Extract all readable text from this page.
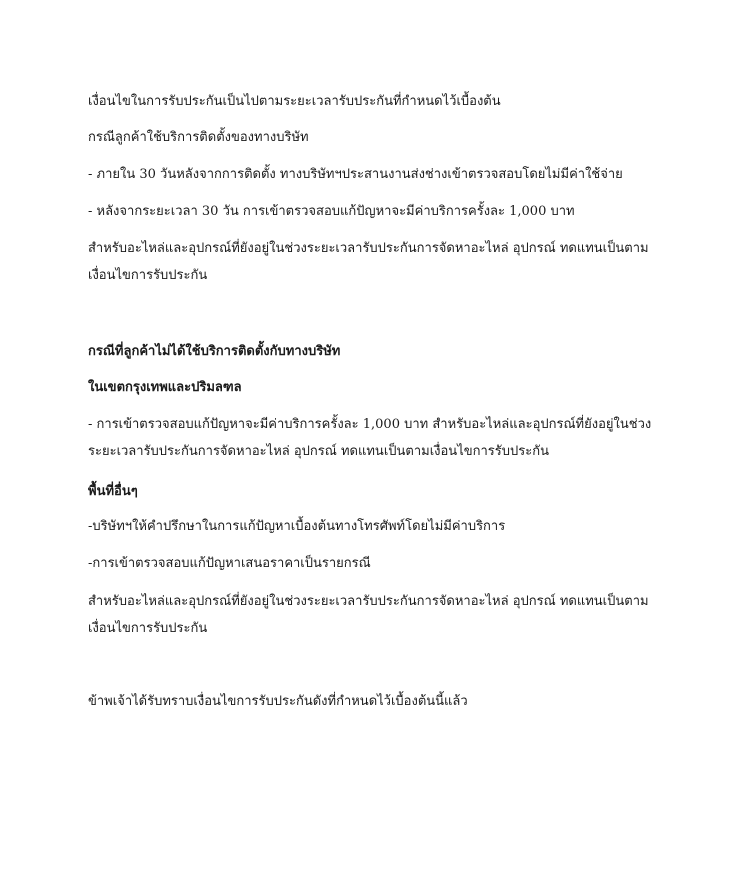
เงื่อนไขในการรับประกันเป็นไปตามระยะเวลารับประกันที่กำหนดไว้เบื้องต้น

กรณีลูกค้าใช้บริการติดตั้งของทางบริษัท

- ภายใน 30 วันหลังจากการติดตั้ง ทางบริษัทฯประสานงานส่งช่างเข้าตรวจสอบโดยไม่มีค่าใช้จ่าย

- หลังจากระยะเวลา 30 วัน การเข้าตรวจสอบแก้ปัญหาจะมีค่าบริการครั้งละ 1,000 บาท

สำหรับอะไหล่และอุปกรณ์ที่ยังอยู่ในช่วงระยะเวลารับประกันการจัดหาอะไหล่ อุปกรณ์ ทดแทนเป็นตามเงื่อนไขการรับประกัน

กรณีที่ลูกค้าไม่ได้ใช้บริการติดตั้งกับทางบริษัท

ในเขตกรุงเทพและปริมลฑล

- การเข้าตรวจสอบแก้ปัญหาจะมีค่าบริการครั้งละ 1,000 บาท สำหรับอะไหล่และอุปกรณ์ที่ยังอยู่ในช่วงระยะเวลารับประกันการจัดหาอะไหล่ อุปกรณ์ ทดแทนเป็นตามเงื่อนไขการรับประกัน

พื้นที่อื่นๆ

-บริษัทฯให้คำปรึกษาในการแก้ปัญหาเบื้องต้นทางโทรศัพท์โดยไม่มีค่าบริการ

-การเข้าตรวจสอบแก้ปัญหาเสนอราคาเป็นรายกรณี

สำหรับอะไหล่และอุปกรณ์ที่ยังอยู่ในช่วงระยะเวลารับประกันการจัดหาอะไหล่ อุปกรณ์ ทดแทนเป็นตามเงื่อนไขการรับประกัน

ข้าพเจ้าได้รับทราบเงื่อนไขการรับประกันดังที่กำหนดไว้เบื้องต้นนี้แล้ว
